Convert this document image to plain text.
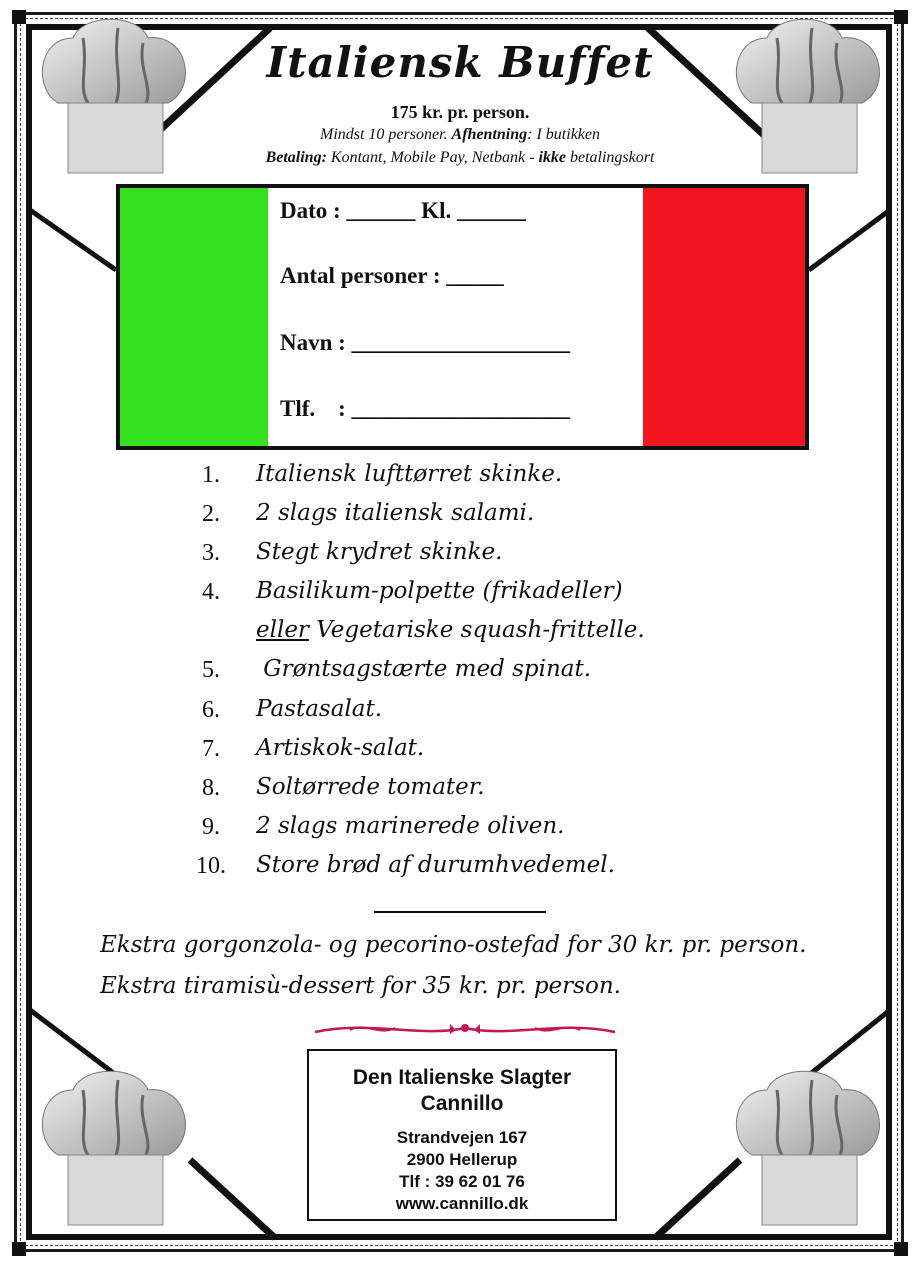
Italiensk Buffet
175 kr. pr. person.
Mindst 10 personer. Afhentning: I butikken
Betaling: Kontant, Mobile Pay, Netbank - ikke betalingskort
Dato : ______ Kl. ______
Antal personer : _____
Navn : ___________________
Tlf.    : ___________________
1. Italiensk lufttørret skinke.
2. 2 slags italiensk salami.
3. Stegt krydret skinke.
4. Basilikum-polpette (frikadeller)
eller Vegetariske squash-frittelle.
5. Grøntsagstærte med spinat.
6. Pastasalat.
7. Artiskok-salat.
8. Soltørrede tomater.
9. 2 slags marinerede oliven.
10. Store brød af durumhvedemel.
Ekstra gorgonzola- og pecorino-ostefad for 30 kr. pr. person.
Ekstra tiramisù-dessert for 35 kr. pr. person.
Den Italienske Slagter
Cannillo
Strandvejen 167
2900 Hellerup
Tlf : 39 62 01 76
www.cannillo.dk
